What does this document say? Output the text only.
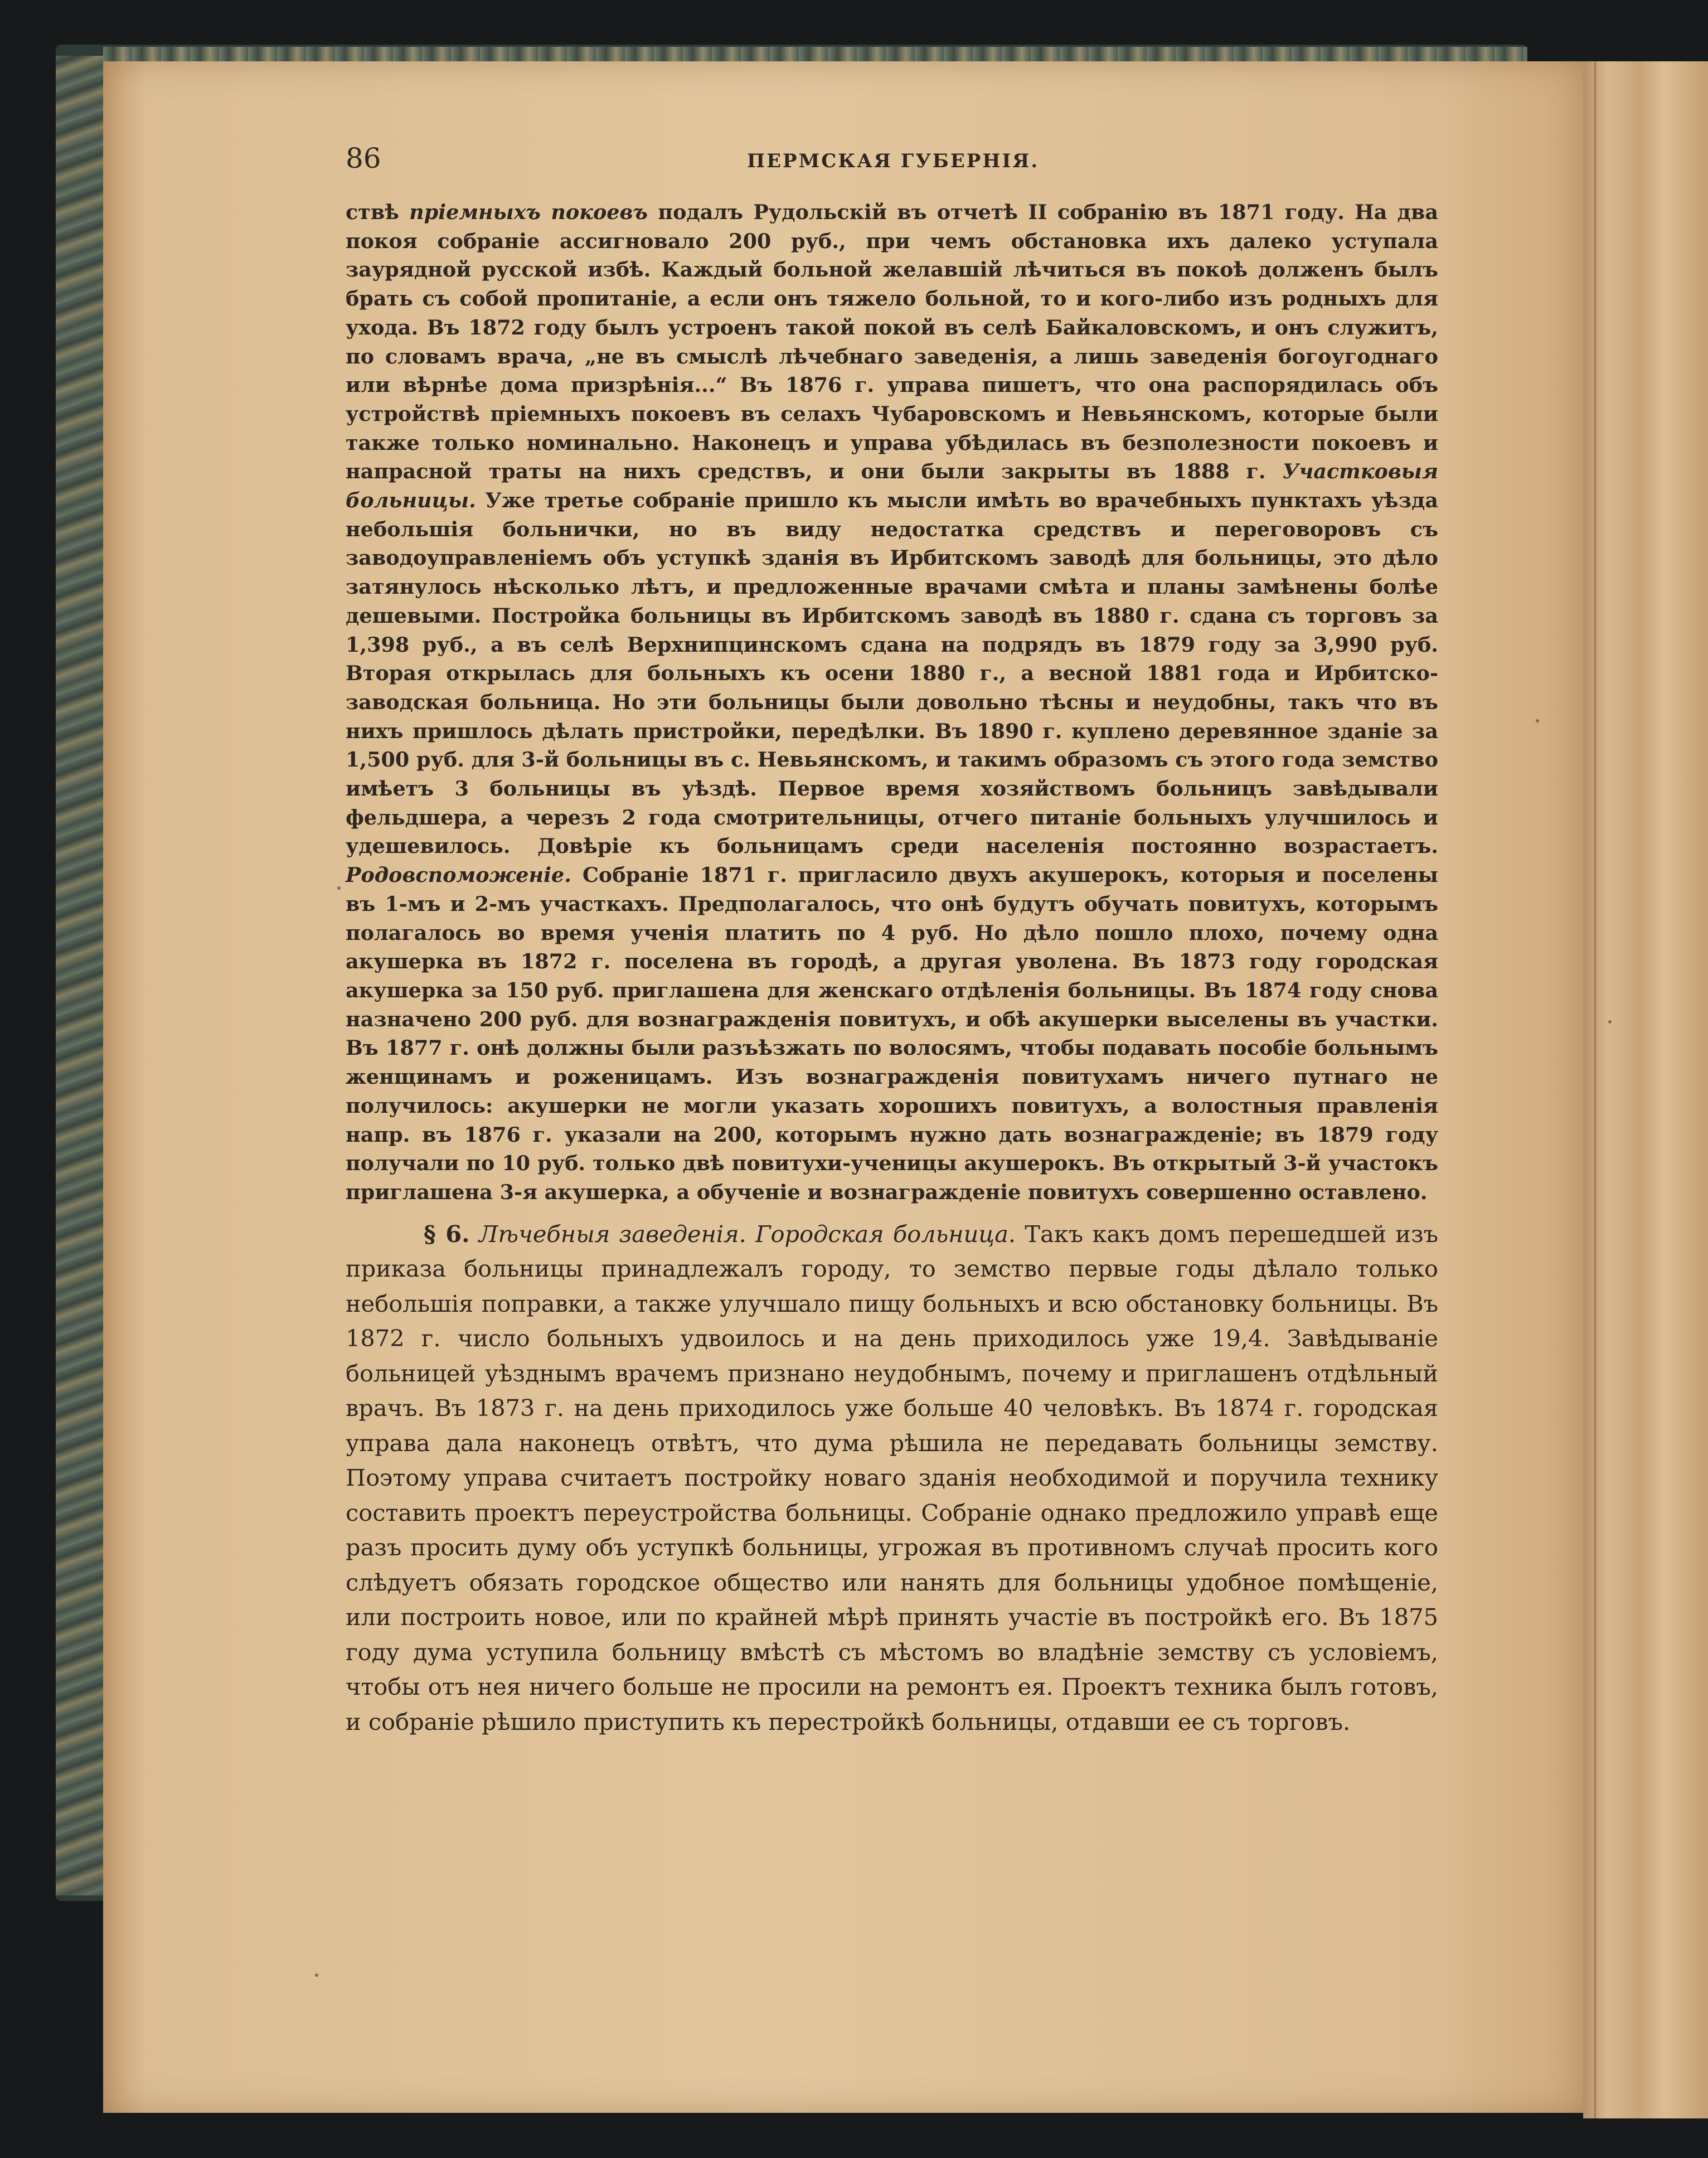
86	ПЕРМСКАЯ ГУБЕРНІЯ.

ствѣ пріемныхъ покоевъ подалъ Рудольскій въ отчетѣ II собранію въ 1871 году. На два покоя собраніе ассигновало 200 руб., при чемъ обстановка ихъ далеко уступала заурядной русской избѣ. Каждый больной желавшій лѣчиться въ покоѣ долженъ былъ брать съ собой пропитаніе, а если онъ тяжело больной, то и кого-либо изъ родныхъ для ухода. Въ 1872 году былъ устроенъ такой покой въ селѣ Байкаловскомъ, и онъ служитъ, по словамъ врача, „не въ смыслѣ лѣчебнаго заведенія, а лишь заведенія богоугоднаго или вѣрнѣе дома призрѣнія...“ Въ 1876 г. управа пишетъ, что она распорядилась объ устройствѣ пріемныхъ покоевъ въ селахъ Чубаровскомъ и Невьянскомъ, которые были также только номинально. Наконецъ и управа убѣдилась въ безполезности покоевъ и напрасной траты на нихъ средствъ, и они были закрыты въ 1888 г. Участковыя больницы. Уже третье собраніе пришло къ мысли имѣть во врачебныхъ пунктахъ уѣзда небольшія больнички, но въ виду недостатка средствъ и переговоровъ съ заводоуправленіемъ объ уступкѣ зданія въ Ирбитскомъ заводѣ для больницы, это дѣло затянулось нѣсколько лѣтъ, и предложенные врачами смѣта и планы замѣнены болѣе дешевыми. Постройка больницы въ Ирбитскомъ заводѣ въ 1880 г. сдана съ торговъ за 1,398 руб., а въ селѣ Верхнипцинскомъ сдана на подрядъ въ 1879 году за 3,990 руб. Вторая открылась для больныхъ къ осени 1880 г., а весной 1881 года и Ирбитско-заводская больница. Но эти больницы были довольно тѣсны и неудобны, такъ что въ нихъ пришлось дѣлать пристройки, передѣлки. Въ 1890 г. куплено деревянное зданіе за 1,500 руб. для 3-й больницы въ с. Невьянскомъ, и такимъ образомъ съ этого года земство имѣетъ 3 больницы въ уѣздѣ. Первое время хозяйствомъ больницъ завѣдывали фельдшера, а черезъ 2 года смотрительницы, отчего питаніе больныхъ улучшилось и удешевилось. Довѣріе къ больницамъ среди населенія постоянно возрастаетъ. Родовспоможеніе. Собраніе 1871 г. пригласило двухъ акушерокъ, которыя и поселены въ 1-мъ и 2-мъ участкахъ. Предполагалось, что онѣ будутъ обучать повитухъ, которымъ полагалось во время ученія платить по 4 руб. Но дѣло пошло плохо, почему одна акушерка въ 1872 г. поселена въ городѣ, а другая уволена. Въ 1873 году городская акушерка за 150 руб. приглашена для женскаго отдѣленія больницы. Въ 1874 году снова назначено 200 руб. для вознагражденія повитухъ, и обѣ акушерки выселены въ участки. Въ 1877 г. онѣ должны были разъѣзжать по волосямъ, чтобы подавать пособіе больнымъ женщинамъ и роженицамъ. Изъ вознагражденія повитухамъ ничего путнаго не получилось: акушерки не могли указать хорошихъ повитухъ, а волостныя правленія напр. въ 1876 г. указали на 200, которымъ нужно дать вознагражденіе; въ 1879 году получали по 10 руб. только двѣ повитухи-ученицы акушерокъ. Въ открытый 3-й участокъ приглашена 3-я акушерка, а обученіе и вознагражденіе повитухъ совершенно оставлено.

§ 6. Лѣчебныя заведенія. Городская больница. Такъ какъ домъ перешедшей изъ приказа больницы принадлежалъ городу, то земство первые годы дѣлало только небольшія поправки, а также улучшало пищу больныхъ и всю обстановку больницы. Въ 1872 г. число больныхъ удвоилось и на день приходилось уже 19,4. Завѣдываніе больницей уѣзднымъ врачемъ признано неудобнымъ, почему и приглашенъ отдѣльный врачъ. Въ 1873 г. на день приходилось уже больше 40 человѣкъ. Въ 1874 г. городская управа дала наконецъ отвѣтъ, что дума рѣшила не передавать больницы земству. Поэтому управа считаетъ постройку новаго зданія необходимой и поручила технику составить проектъ переустройства больницы. Собраніе однако предложило управѣ еще разъ просить думу объ уступкѣ больницы, угрожая въ противномъ случаѣ просить кого слѣдуетъ обязать городское общество или нанять для больницы удобное помѣщеніе, или построить новое, или по крайней мѣрѣ принять участіе въ постройкѣ его. Въ 1875 году дума уступила больницу вмѣстѣ съ мѣстомъ во владѣніе земству съ условіемъ, чтобы отъ нея ничего больше не просили на ремонтъ ея. Проектъ техника былъ готовъ, и собраніе рѣшило приступить къ перестройкѣ больницы, отдавши ее съ торговъ.
